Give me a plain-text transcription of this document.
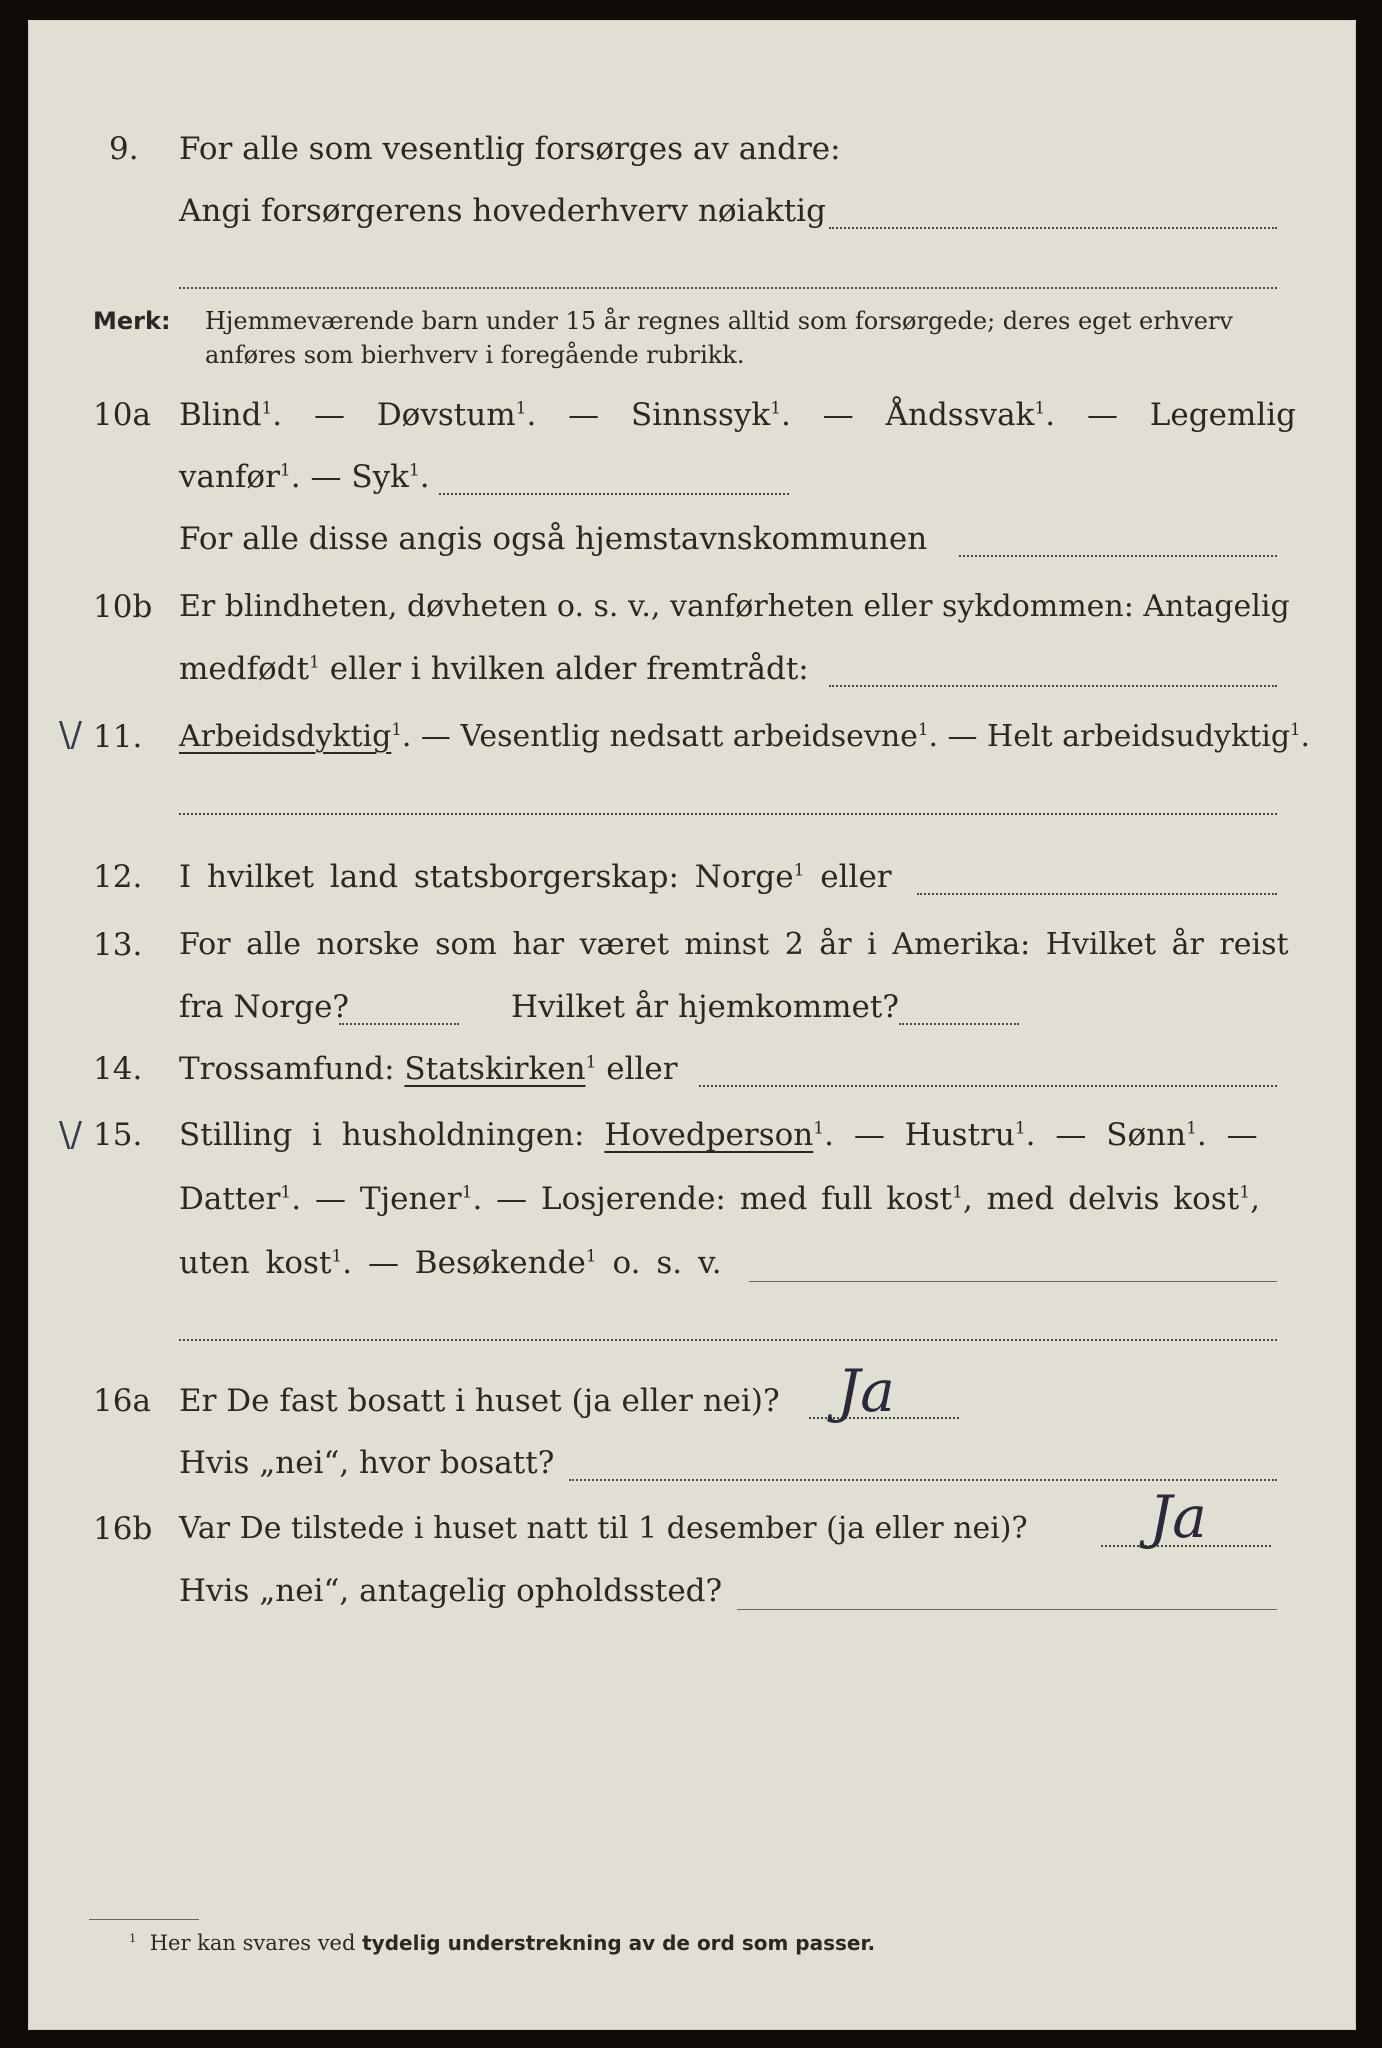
9. For alle som vesentlig forsørges av andre:
Angi forsørgerens hovederhverv nøiaktig
Merk: Hjemmeværende barn under 15 år regnes alltid som forsørgede; deres eget erhverv
anføres som bierhverv i foregående rubrikk.
10a Blind$^1$. — Døvstum$^1$. — Sinnssyk$^1$. — Åndssvak$^1$. — Legemlig
vanfør$^1$. — Syk$^1$.
For alle disse angis også hjemstavnskommunen
10b Er blindheten, døvheten o. s. v., vanførheten eller sykdommen: Antagelig
medfødt$^1$ eller i hvilken alder fremtrådt:
\/ 11. Arbeidsdyktig$^1$. — Vesentlig nedsatt arbeidsevne$^1$. — Helt arbeidsudyktig$^1$.
12. I hvilket land statsborgerskap: Norge$^1$ eller
13. For alle norske som har været minst 2 år i Amerika: Hvilket år reist
fra Norge?	Hvilket år hjemkommet?
14. Trossamfund: Statskirken$^1$ eller
\/ 15. Stilling i husholdningen: Hovedperson$^1$. — Hustru$^1$. — Sønn$^1$. —
Datter$^1$. — Tjener$^1$. — Losjerende: med full kost$^1$, med delvis kost$^1$,
uten kost$^1$. — Besøkende$^1$ o. s. v.
16a Er De fast bosatt i huset (ja eller nei)? Ja
Hvis „nei“, hvor bosatt?
16b Var De tilstede i huset natt til 1 desember (ja eller nei)? Ja
Hvis „nei“, antagelig opholdssted?
$^1$ Her kan svares ved tydelig understrekning av de ord som passer.
